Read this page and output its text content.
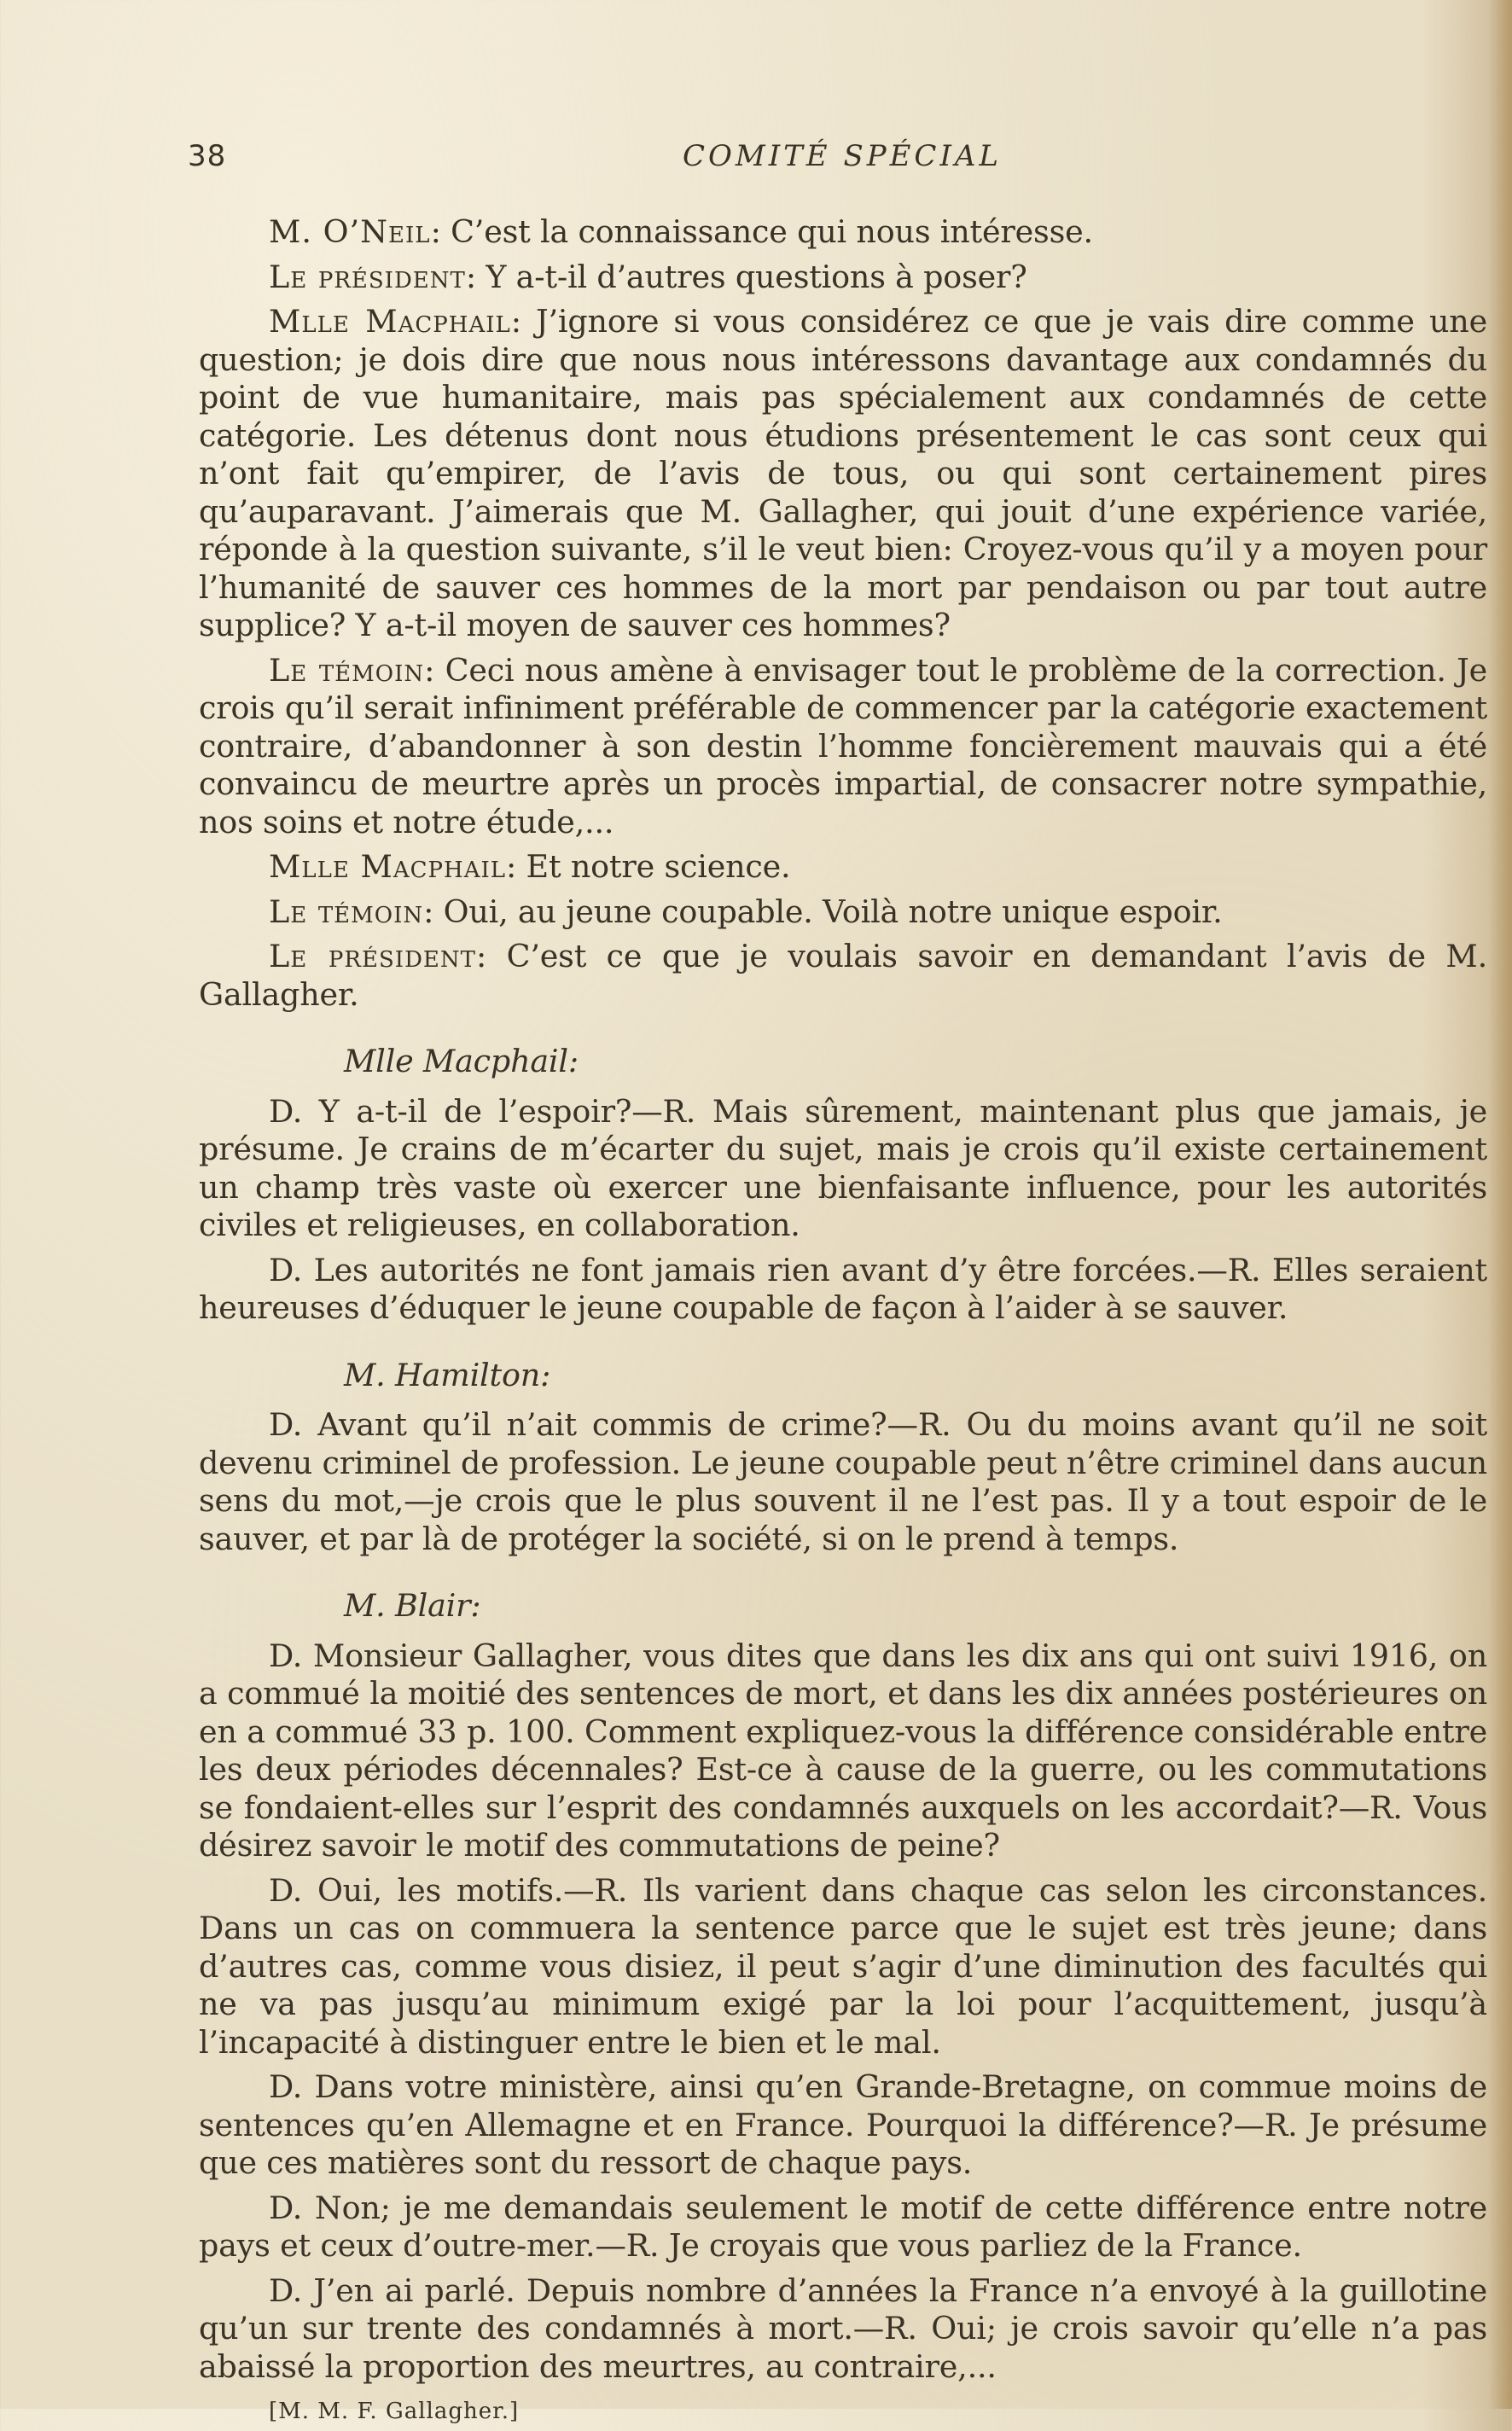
38	COMITÉ SPÉCIAL

M. O’Neil: C’est la connaissance qui nous intéresse.

Le président: Y a-t-il d’autres questions à poser?

Mlle Macphail: J’ignore si vous considérez ce que je vais dire comme une question; je dois dire que nous nous intéressons davantage aux condamnés du point de vue humanitaire, mais pas spécialement aux condamnés de cette catégorie. Les détenus dont nous étudions présentement le cas sont ceux qui n’ont fait qu’empirer, de l’avis de tous, ou qui sont certainement pires qu’auparavant. J’aimerais que M. Gallagher, qui jouit d’une expérience variée, réponde à la question suivante, s’il le veut bien: Croyez-vous qu’il y a moyen pour l’humanité de sauver ces hommes de la mort par pendaison ou par tout autre supplice? Y a-t-il moyen de sauver ces hommes?

Le témoin: Ceci nous amène à envisager tout le problème de la correction. Je crois qu’il serait infiniment préférable de commencer par la catégorie exactement contraire, d’abandonner à son destin l’homme foncièrement mauvais qui a été convaincu de meurtre après un procès impartial, de consacrer notre sympathie, nos soins et notre étude,...

Mlle Macphail: Et notre science.

Le témoin: Oui, au jeune coupable. Voilà notre unique espoir.

Le président: C’est ce que je voulais savoir en demandant l’avis de M. Gallagher.

Mlle Macphail:

D. Y a-t-il de l’espoir?—R. Mais sûrement, maintenant plus que jamais, je présume. Je crains de m’écarter du sujet, mais je crois qu’il existe certainement un champ très vaste où exercer une bienfaisante influence, pour les autorités civiles et religieuses, en collaboration.

D. Les autorités ne font jamais rien avant d’y être forcées.—R. Elles seraient heureuses d’éduquer le jeune coupable de façon à l’aider à se sauver.

M. Hamilton:

D. Avant qu’il n’ait commis de crime?—R. Ou du moins avant qu’il ne soit devenu criminel de profession. Le jeune coupable peut n’être criminel dans aucun sens du mot,—je crois que le plus souvent il ne l’est pas. Il y a tout espoir de le sauver, et par là de protéger la société, si on le prend à temps.

M. Blair:

D. Monsieur Gallagher, vous dites que dans les dix ans qui ont suivi 1916, on a commué la moitié des sentences de mort, et dans les dix années postérieures on en a commué 33 p. 100. Comment expliquez-vous la différence considérable entre les deux périodes décennales? Est-ce à cause de la guerre, ou les commutations se fondaient-elles sur l’esprit des condamnés auxquels on les accordait?—R. Vous désirez savoir le motif des commutations de peine?

D. Oui, les motifs.—R. Ils varient dans chaque cas selon les circonstances. Dans un cas on commuera la sentence parce que le sujet est très jeune; dans d’autres cas, comme vous disiez, il peut s’agir d’une diminution des facultés qui ne va pas jusqu’au minimum exigé par la loi pour l’acquittement, jusqu’à l’incapacité à distinguer entre le bien et le mal.

D. Dans votre ministère, ainsi qu’en Grande-Bretagne, on commue moins de sentences qu’en Allemagne et en France. Pourquoi la différence?—R. Je présume que ces matières sont du ressort de chaque pays.

D. Non; je me demandais seulement le motif de cette différence entre notre pays et ceux d’outre-mer.—R. Je croyais que vous parliez de la France.

D. J’en ai parlé. Depuis nombre d’années la France n’a envoyé à la guillotine qu’un sur trente des condamnés à mort.—R. Oui; je crois savoir qu’elle n’a pas abaissé la proportion des meurtres, au contraire,...

[M. M. F. Gallagher.]
